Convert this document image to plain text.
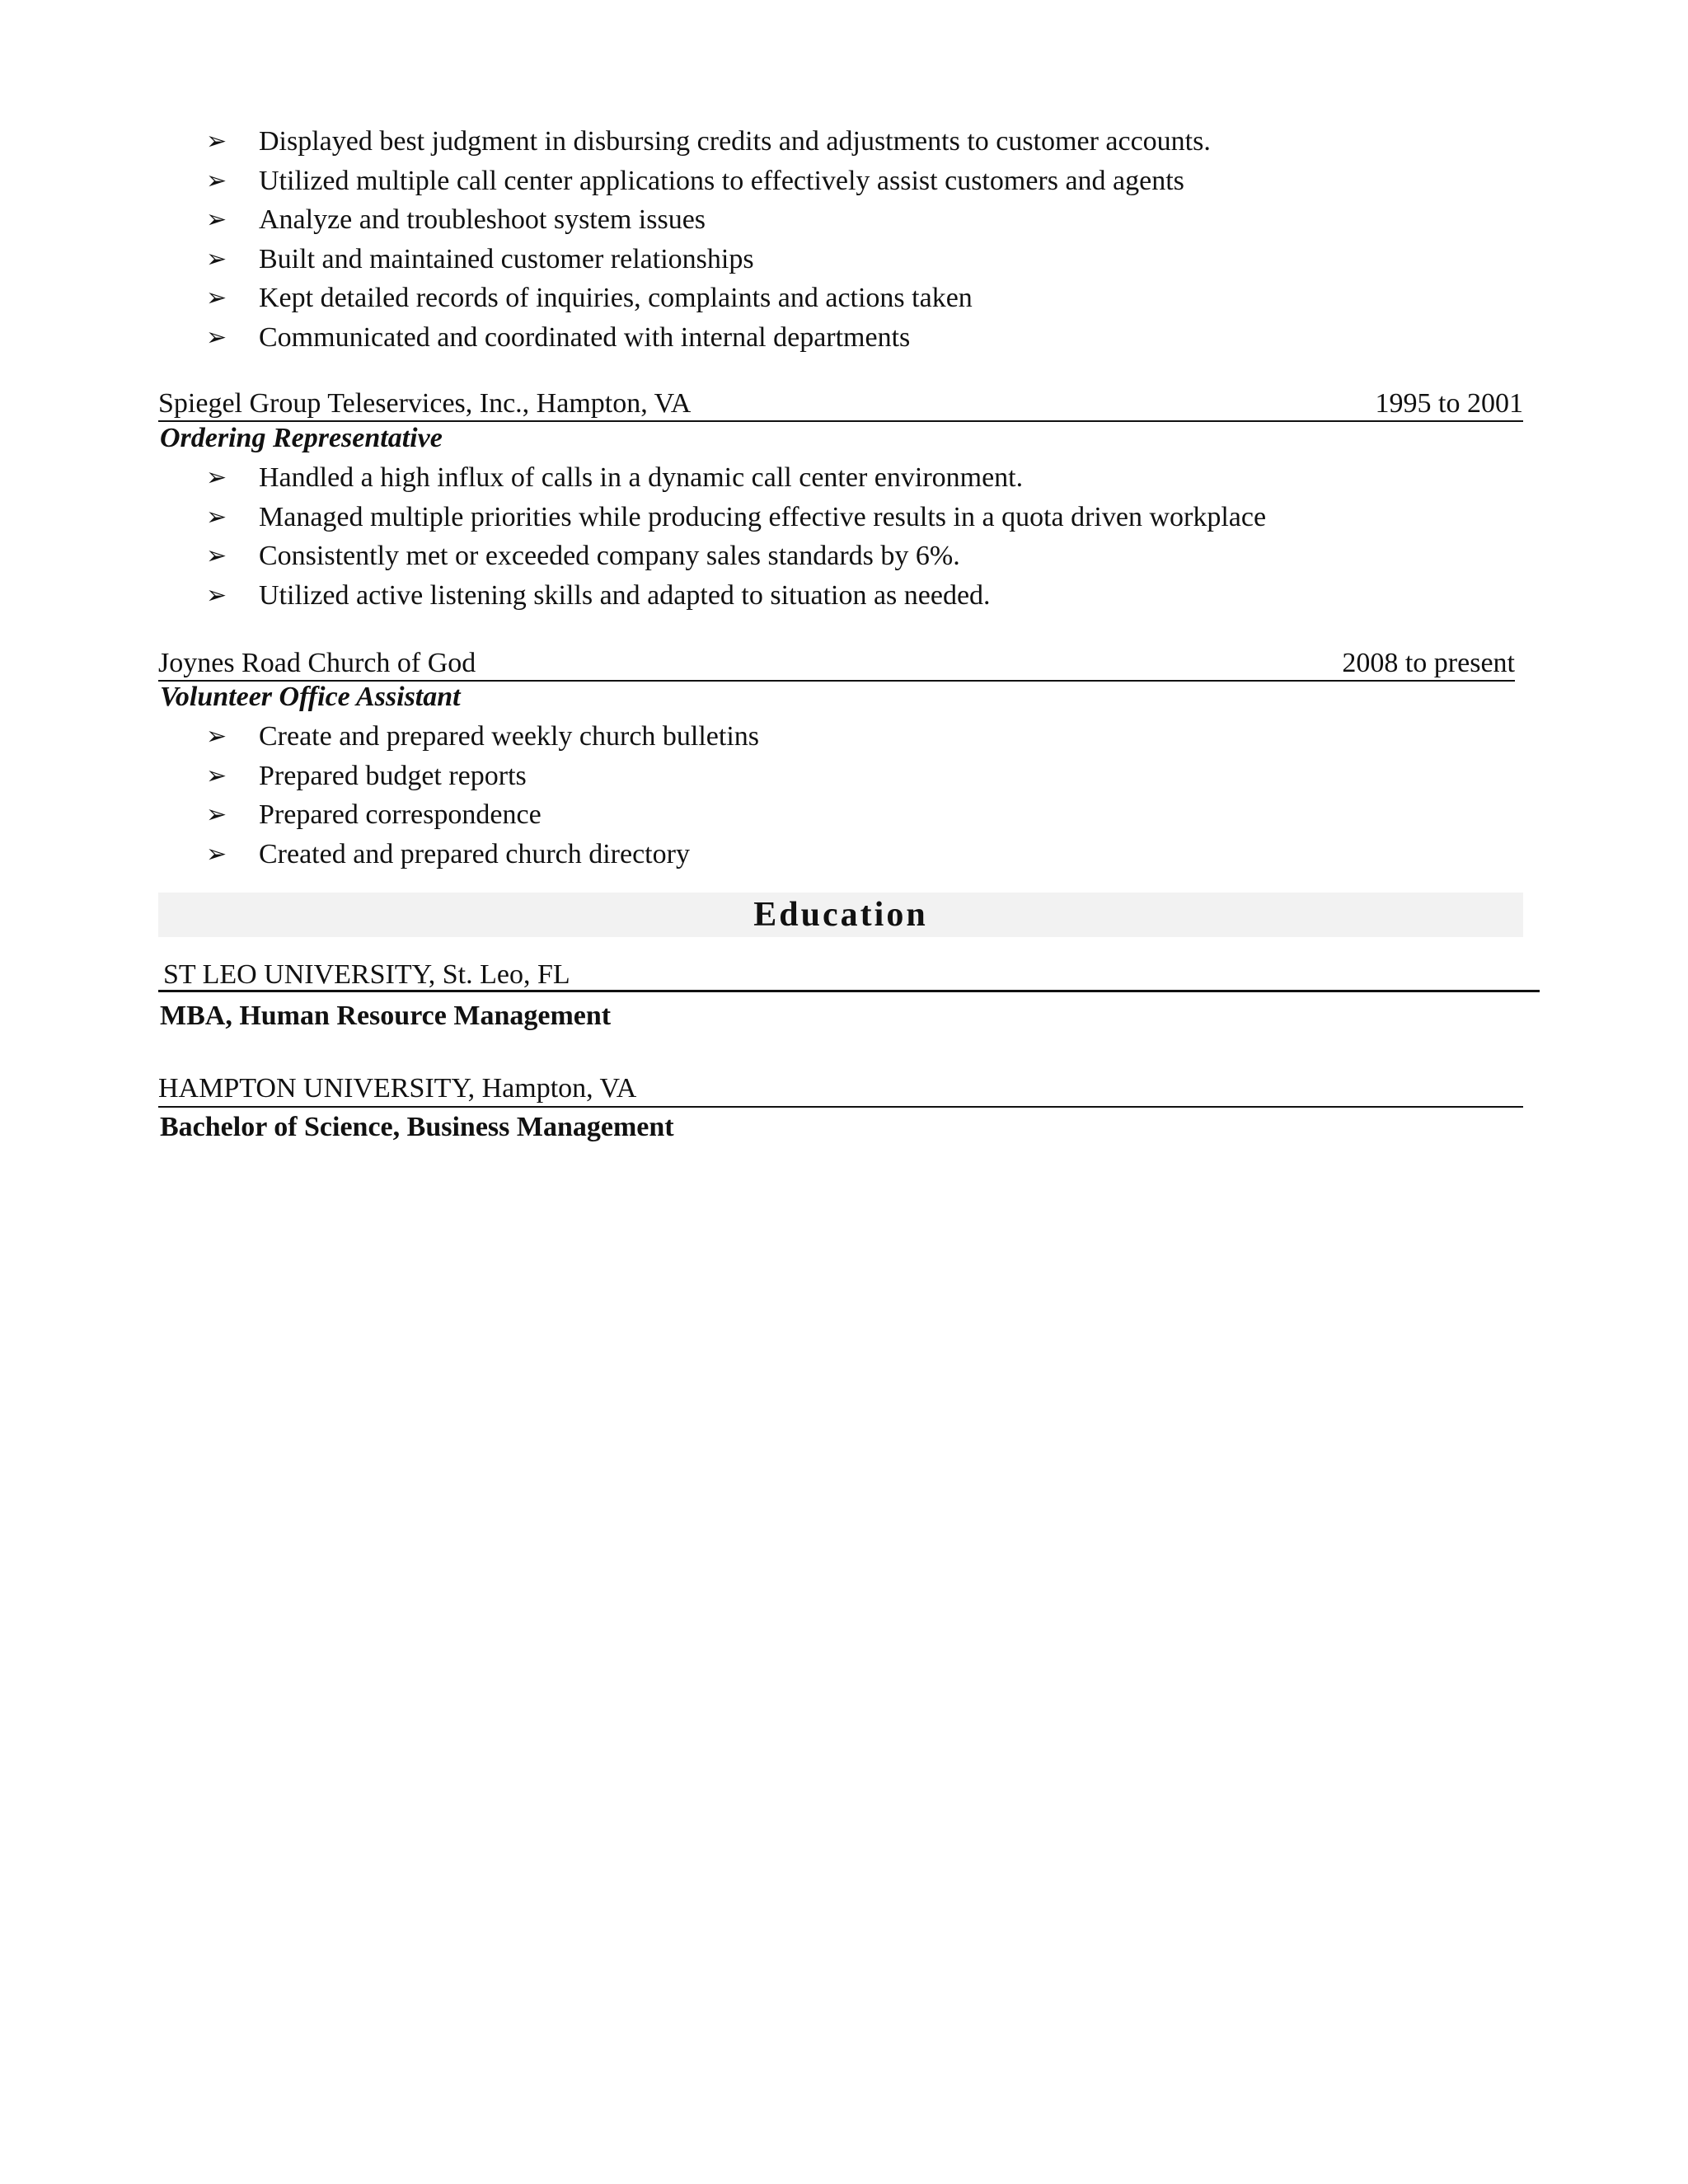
➢ Displayed best judgment in disbursing credits and adjustments to customer accounts.
➢ Utilized multiple call center applications to effectively assist customers and agents
➢ Analyze and troubleshoot system issues
➢ Built and maintained customer relationships
➢ Kept detailed records of inquiries, complaints and actions taken
➢ Communicated and coordinated with internal departments
Spiegel Group Teleservices, Inc., Hampton, VA	1995 to 2001
Ordering Representative
➢ Handled a high influx of calls in a dynamic call center environment.
➢ Managed multiple priorities while producing effective results in a quota driven workplace
➢ Consistently met or exceeded company sales standards by 6%.
➢ Utilized active listening skills and adapted to situation as needed.
Joynes Road Church of God	2008 to present
Volunteer Office Assistant
➢ Create and prepared weekly church bulletins
➢ Prepared budget reports
➢ Prepared correspondence
➢ Created and prepared church directory
Education
ST LEO UNIVERSITY, St. Leo, FL
MBA, Human Resource Management
HAMPTON UNIVERSITY, Hampton, VA
Bachelor of Science, Business Management
